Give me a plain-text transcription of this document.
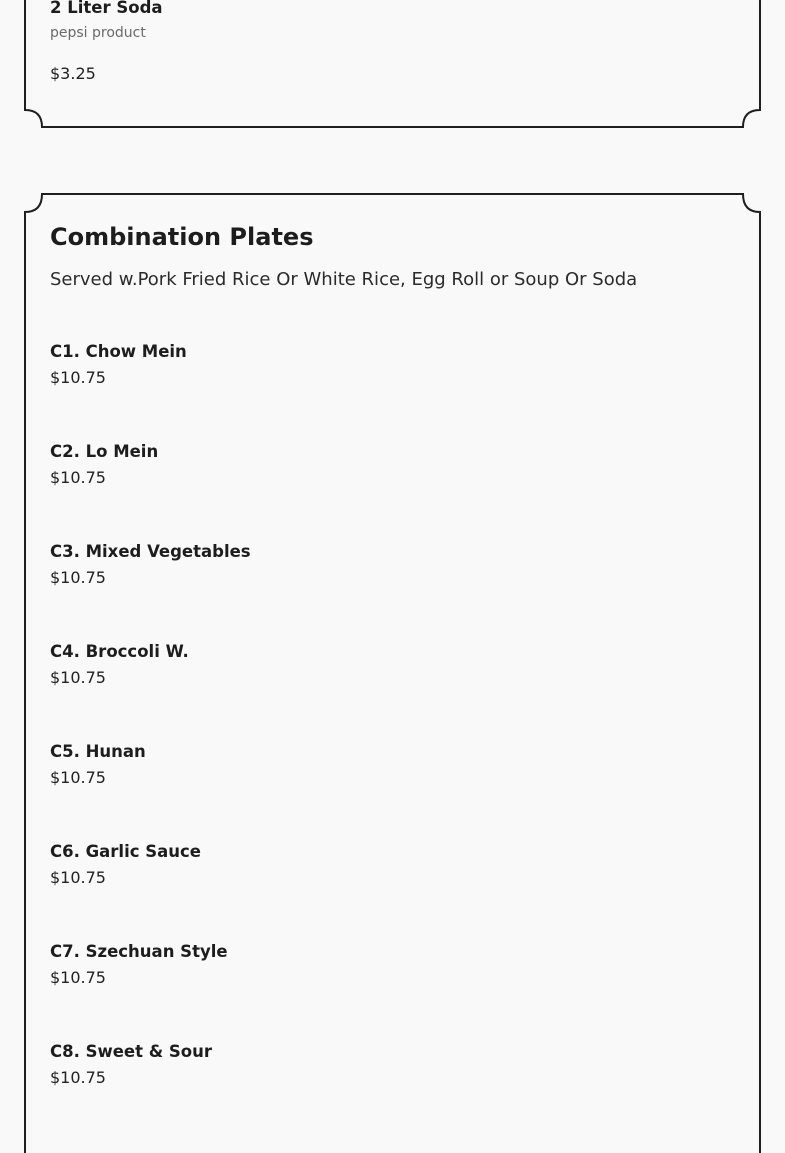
2 Liter Soda
pepsi product
$3.25
Combination Plates
Served w.Pork Fried Rice Or White Rice, Egg Roll or Soup Or Soda
C1. Chow Mein
$10.75
C2. Lo Mein
$10.75
C3. Mixed Vegetables
$10.75
C4. Broccoli W.
$10.75
C5. Hunan
$10.75
C6. Garlic Sauce
$10.75
C7. Szechuan Style
$10.75
C8. Sweet & Sour
$10.75
